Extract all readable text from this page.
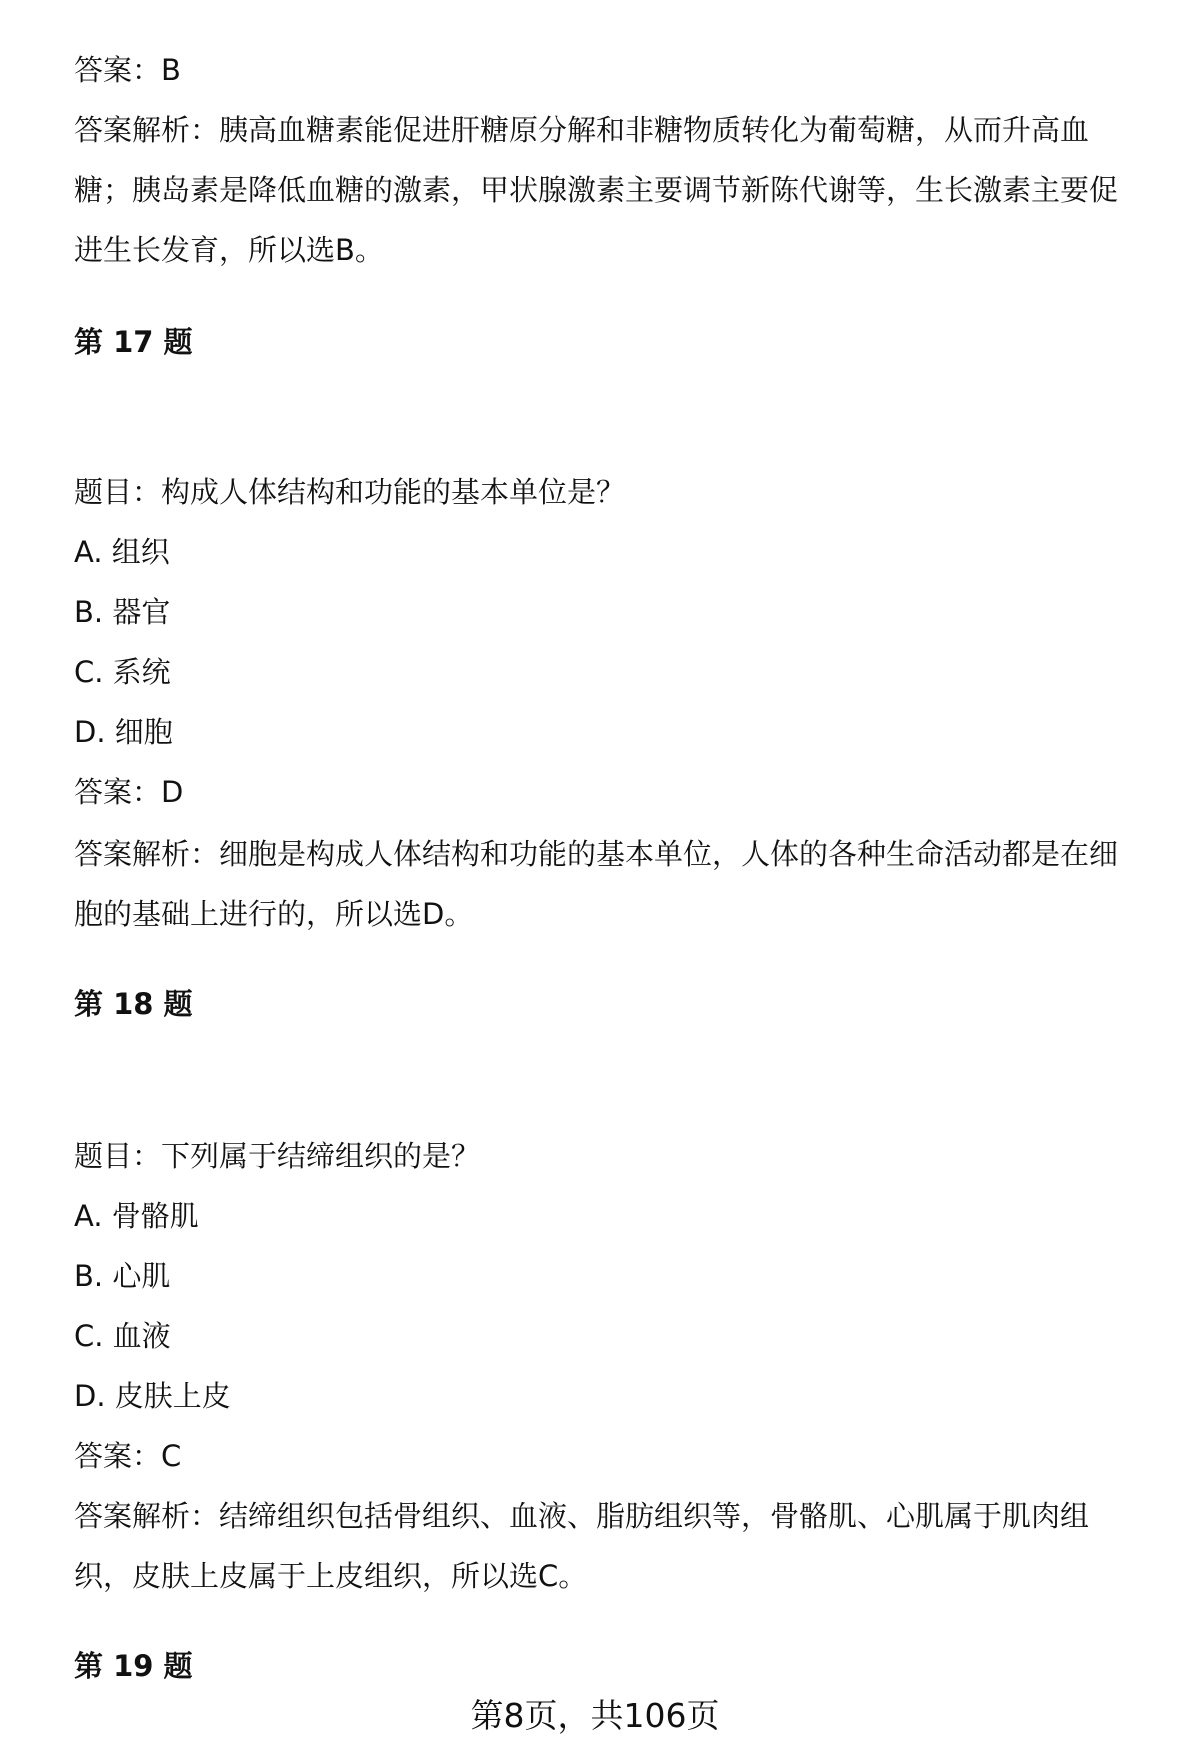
答案：B
答案解析：胰高血糖素能促进肝糖原分解和非糖物质转化为葡萄糖，从而升高血
糖；胰岛素是降低血糖的激素，甲状腺激素主要调节新陈代谢等，生长激素主要促
进生长发育，所以选B。
第 17 题
题目：构成人体结构和功能的基本单位是？
A. 组织
B. 器官
C. 系统
D. 细胞
答案：D
答案解析：细胞是构成人体结构和功能的基本单位，人体的各种生命活动都是在细
胞的基础上进行的，所以选D。
第 18 题
题目：下列属于结缔组织的是？
A. 骨骼肌
B. 心肌
C. 血液
D. 皮肤上皮
答案：C
答案解析：结缔组织包括骨组织、血液、脂肪组织等，骨骼肌、心肌属于肌肉组
织，皮肤上皮属于上皮组织，所以选C。
第 19 题
第8页，共106页
